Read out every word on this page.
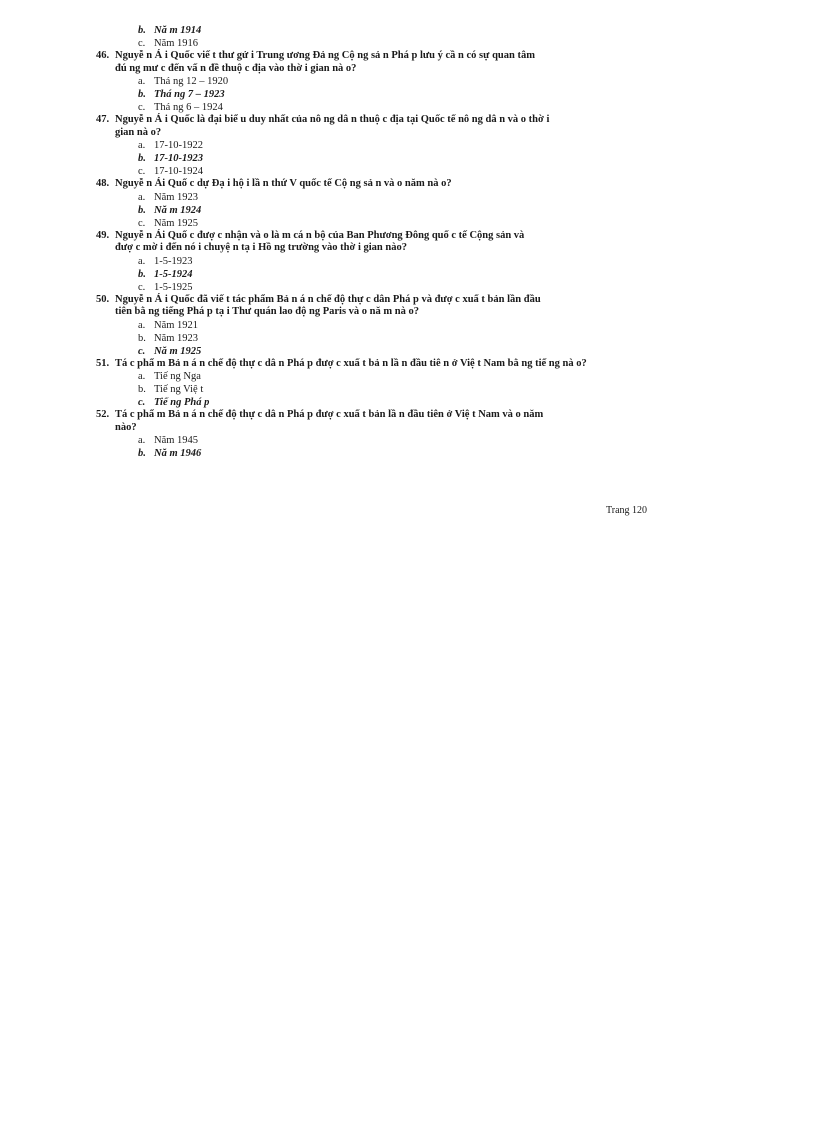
b. Nă m 1914
c. Năm 1916
46. Nguyễ n Á i Quốc viế t thư gử i Trung ương Đả ng Cộ ng sả n Phá p lưu ý cầ n có sự quan tâm
đú ng mư c đến vấ n đề thuộ c địa vào thờ i gian nà o?
a. Thá ng 12 – 1920
b. Thá ng 7 – 1923
c. Thá ng 6 – 1924
47. Nguyễ n Á i Quốc là đại biể u duy nhất của nô ng dâ n thuộ c địa tại Quốc tế nô ng dâ n và o thờ i
gian nà o?
a. 17-10-1922
b. 17-10-1923
c. 17-10-1924
48. Nguyễ n Ái Quố c dự Đạ i hộ i lầ n thứ V quốc tế Cộ ng sả n và o năm nà o?
a. Năm 1923
b. Nă m 1924
c. Năm 1925
49. Nguyễ n Ái Quố c đượ c nhận và o là m cá n bộ của Ban Phương Đông quố c tế Cộng sản và
đượ c mờ i đến nó i chuyệ n tạ i Hồ ng trường vào thờ i gian nào?
a. 1-5-1923
b. 1-5-1924
c. 1-5-1925
50. Nguyễ n Á i Quốc đã viế t tác phẩm Bả n á n chế độ thự c dân Phá p và đượ c xuấ t bản lần đầu
tiên bằ ng tiếng Phá p tạ i Thư quán lao độ ng Paris và o nă m nà o?
a. Năm 1921
b. Năm 1923
c. Nă m 1925
51. Tá c phẩ m Bả n á n chế độ thự c dâ n Phá p đượ c xuấ t bả n lầ n đầu tiê n ở Việ t Nam bằ ng tiế ng nà o?
a. Tiế ng Nga
b. Tiế ng Việ t
c. Tiế ng Phá p
52. Tá c phẩ m Bả n á n chế độ thự c dâ n Phá p đượ c xuấ t bản lầ n đầu tiên ở Việ t Nam và o năm
nào?
a. Năm 1945
b. Nă m 1946
Trang 120
